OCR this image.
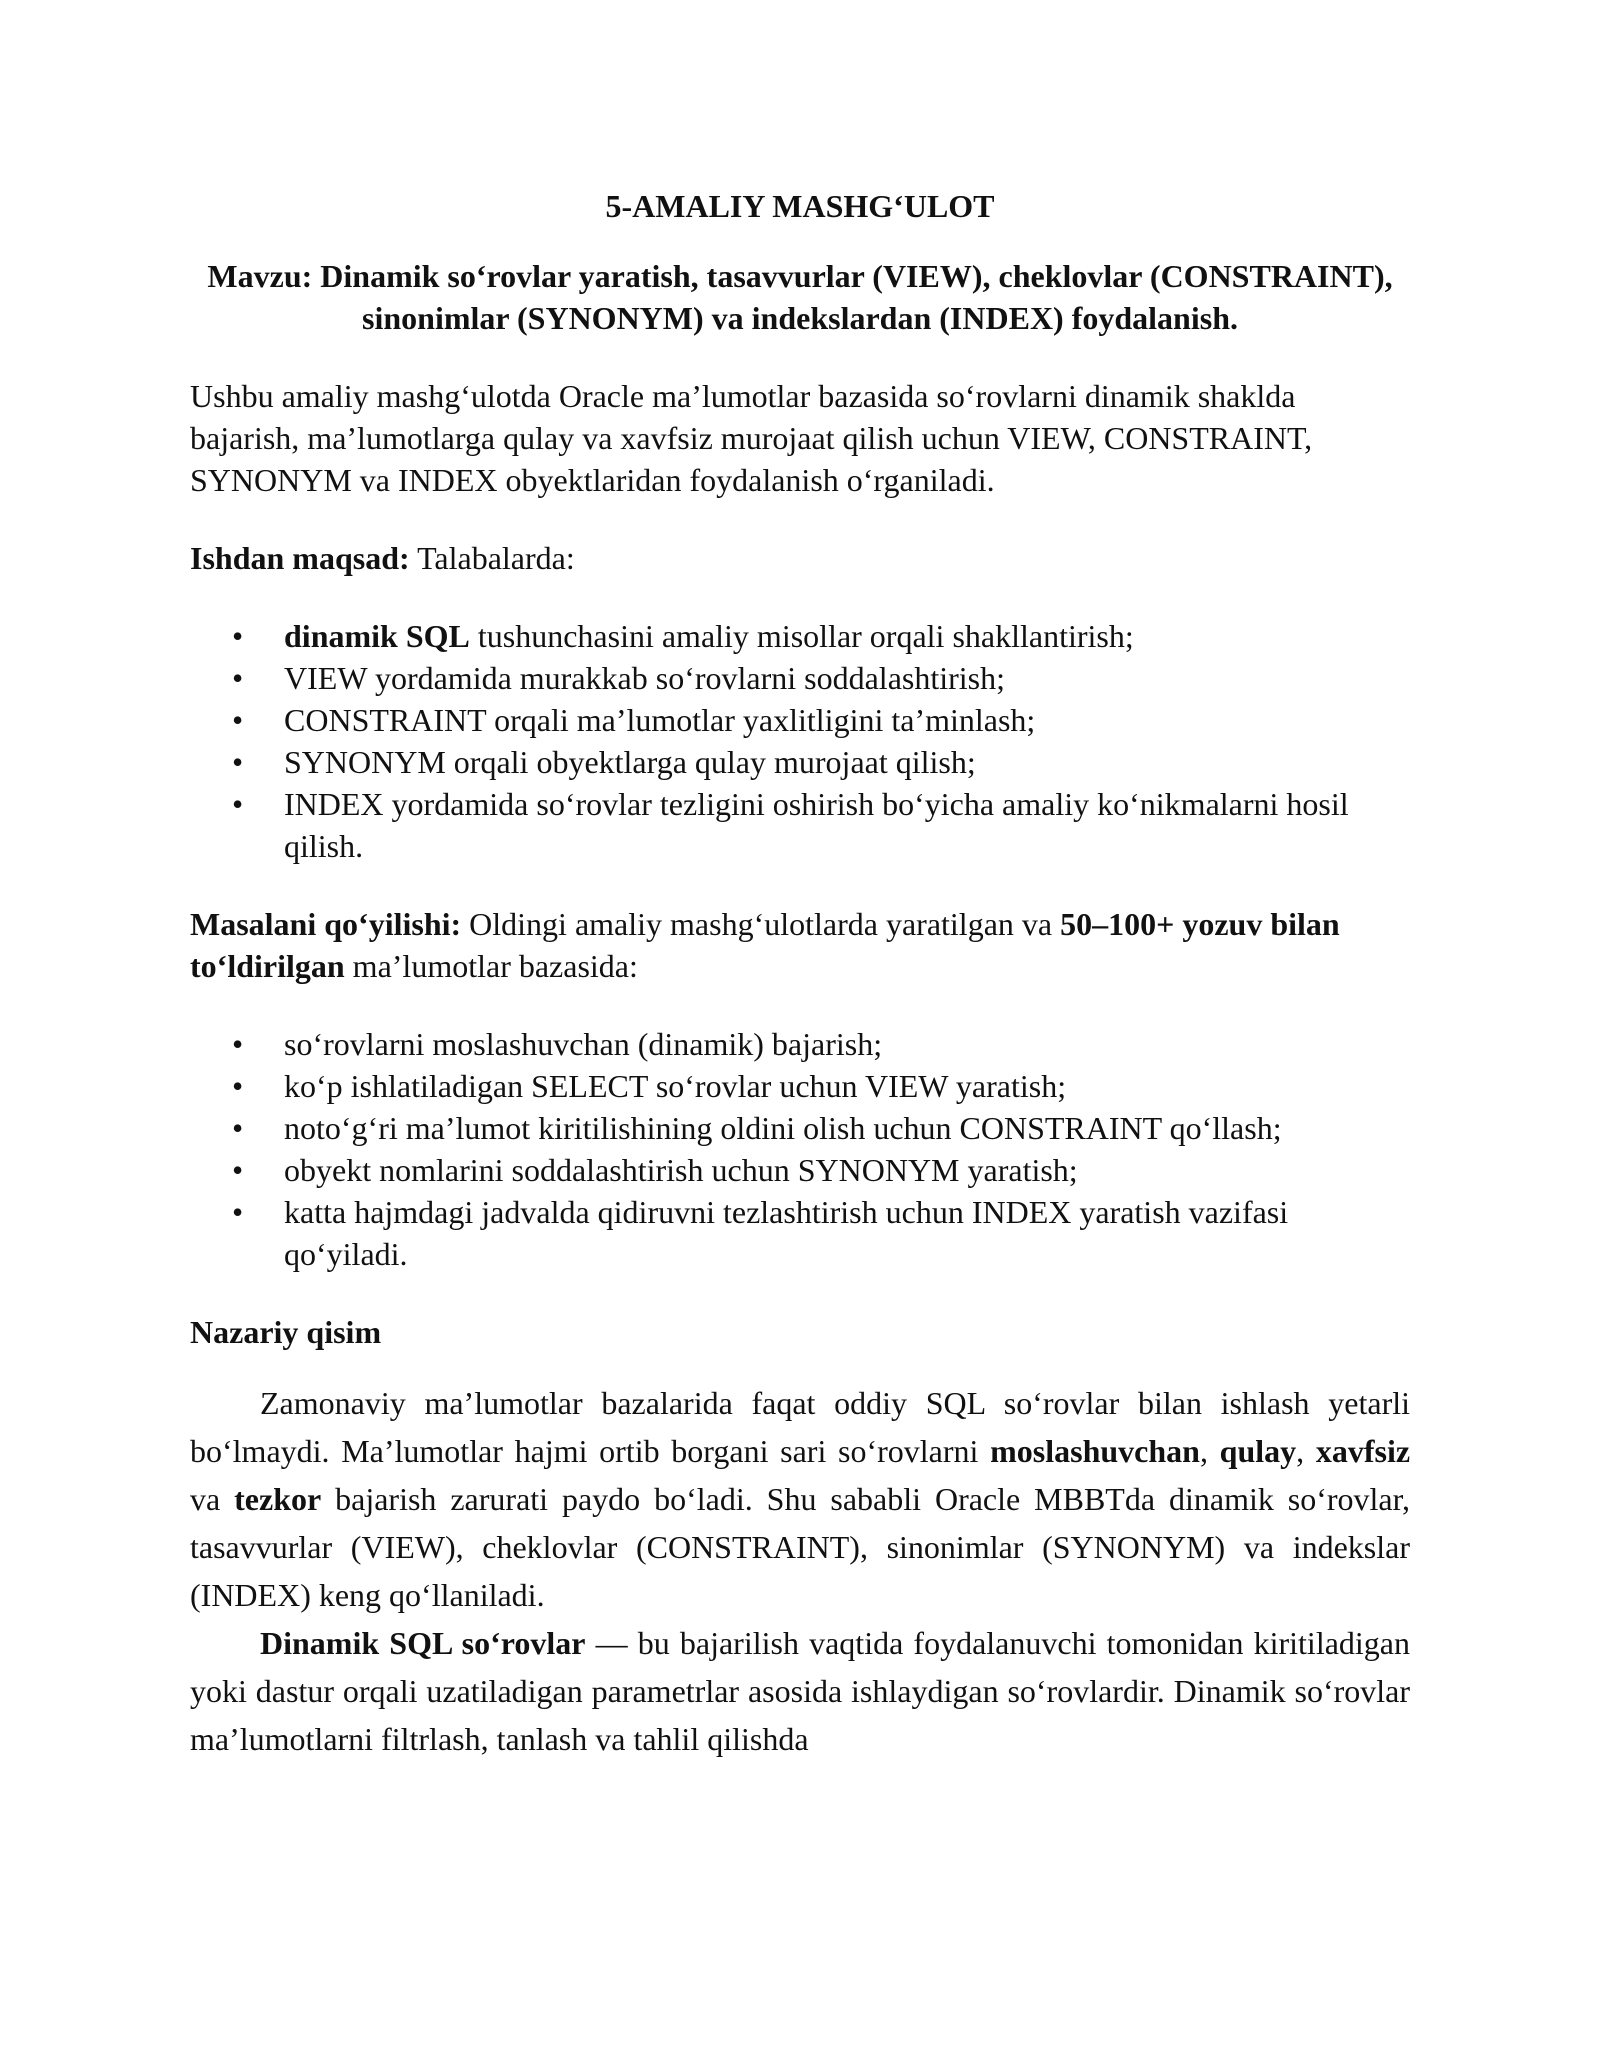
5-AMALIY MASHG‘ULOT
Mavzu: Dinamik so‘rovlar yaratish, tasavvurlar (VIEW), cheklovlar (CONSTRAINT), sinonimlar (SYNONYM) va indekslardan (INDEX) foydalanish.

Ushbu amaliy mashg‘ulotda Oracle ma’lumotlar bazasida so‘rovlarni dinamik shaklda bajarish, ma’lumotlarga qulay va xavfsiz murojaat qilish uchun VIEW, CONSTRAINT, SYNONYM va INDEX obyektlaridan foydalanish o‘rganiladi.

Ishdan maqsad: Talabalarda:

• dinamik SQL tushunchasini amaliy misollar orqali shakllantirish;
• VIEW yordamida murakkab so‘rovlarni soddalashtirish;
• CONSTRAINT orqali ma’lumotlar yaxlitligini ta’minlash;
• SYNONYM orqali obyektlarga qulay murojaat qilish;
• INDEX yordamida so‘rovlar tezligini oshirish bo‘yicha amaliy ko‘nikmalarni hosil qilish.

Masalani qo‘yilishi: Oldingi amaliy mashg‘ulotlarda yaratilgan va 50–100+ yozuv bilan to‘ldirilgan ma’lumotlar bazasida:

• so‘rovlarni moslashuvchan (dinamik) bajarish;
• ko‘p ishlatiladigan SELECT so‘rovlar uchun VIEW yaratish;
• noto‘g‘ri ma’lumot kiritilishining oldini olish uchun CONSTRAINT qo‘llash;
• obyekt nomlarini soddalashtirish uchun SYNONYM yaratish;
• katta hajmdagi jadvalda qidiruvni tezlashtirish uchun INDEX yaratish vazifasi qo‘yiladi.
Nazariy qisim

Zamonaviy ma’lumotlar bazalarida faqat oddiy SQL so‘rovlar bilan ishlash yetarli bo‘lmaydi. Ma’lumotlar hajmi ortib borgani sari so‘rovlarni moslashuvchan, qulay, xavfsiz va tezkor bajarish zarurati paydo bo‘ladi. Shu sababli Oracle MBBTda dinamik so‘rovlar, tasavvurlar (VIEW), cheklovlar (CONSTRAINT), sinonimlar (SYNONYM) va indekslar (INDEX) keng qo‘llaniladi.

Dinamik SQL so‘rovlar — bu bajarilish vaqtida foydalanuvchi tomonidan kiritiladigan yoki dastur orqali uzatiladigan parametrlar asosida ishlaydigan so‘rovlardir. Dinamik so‘rovlar ma’lumotlarni filtrlash, tanlash va tahlil qilishda
